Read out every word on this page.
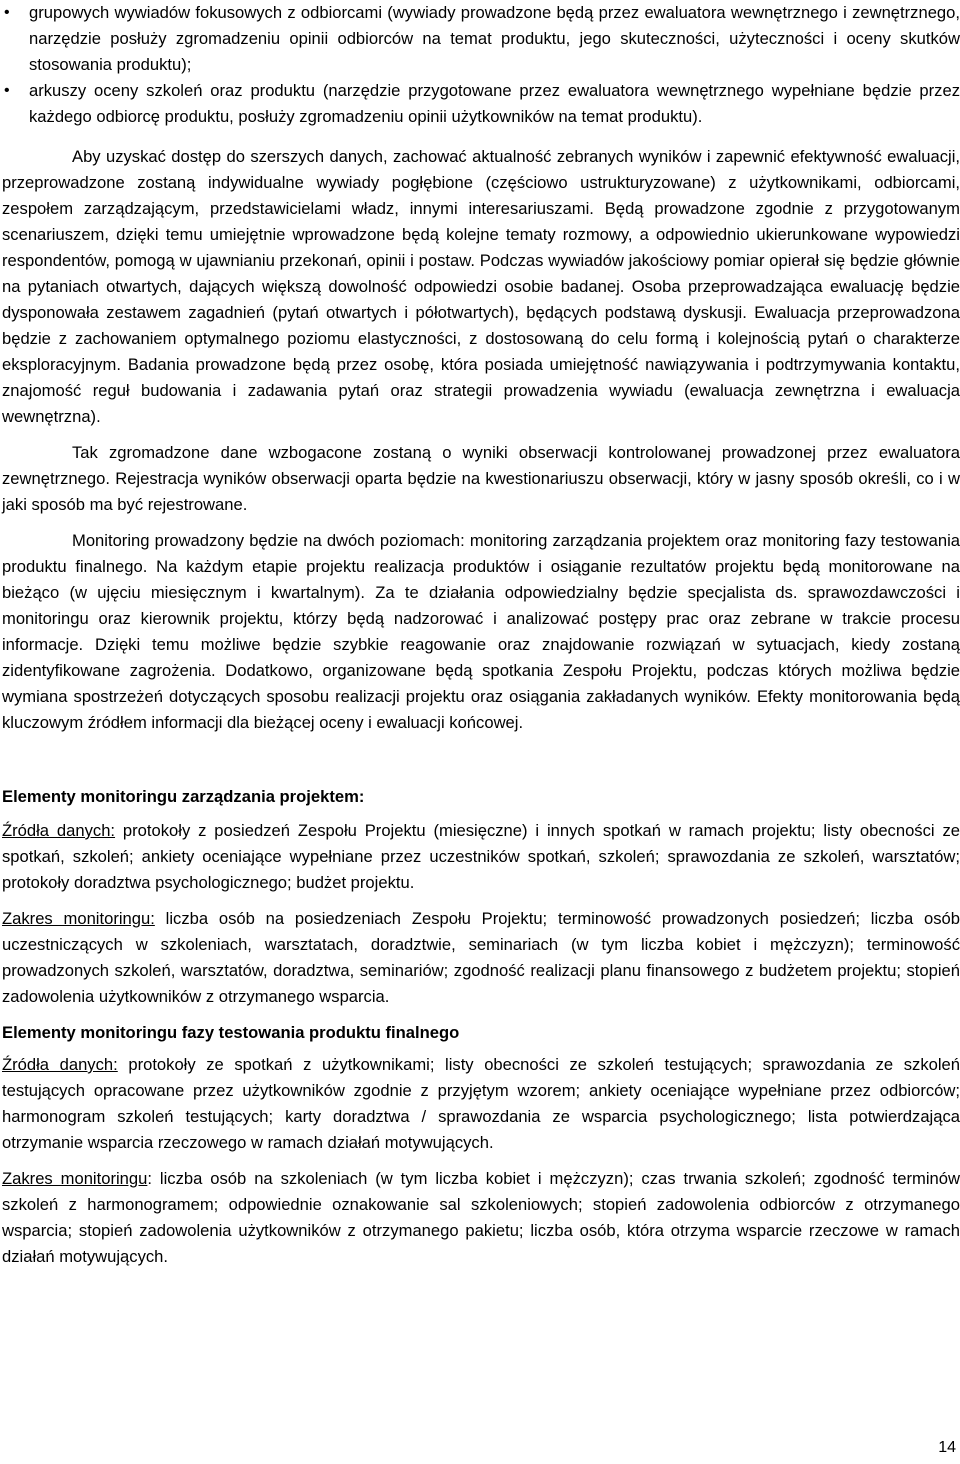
• grupowych wywiadów fokusowych z odbiorcami (wywiady prowadzone będą przez ewaluatora wewnętrznego i zewnętrznego, narzędzie posłuży zgromadzeniu opinii odbiorców na temat produktu, jego skuteczności, użyteczności i oceny skutków stosowania produktu);
• arkuszy oceny szkoleń oraz produktu (narzędzie przygotowane przez ewaluatora wewnętrznego wypełniane będzie przez każdego odbiorcę produktu, posłuży zgromadzeniu opinii użytkowników na temat produktu).

Aby uzyskać dostęp do szerszych danych, zachować aktualność zebranych wyników i zapewnić efektywność ewaluacji, przeprowadzone zostaną indywidualne wywiady pogłębione (częściowo ustrukturyzowane) z użytkownikami, odbiorcami, zespołem zarządzającym, przedstawicielami władz, innymi interesariuszami. Będą prowadzone zgodnie z przygotowanym scenariuszem, dzięki temu umiejętnie wprowadzone będą kolejne tematy rozmowy, a odpowiednio ukierunkowane wypowiedzi respondentów, pomogą w ujawnianiu przekonań, opinii i postaw. Podczas wywiadów jakościowy pomiar opierał się będzie głównie na pytaniach otwartych, dających większą dowolność odpowiedzi osobie badanej. Osoba przeprowadzająca ewaluację będzie dysponowała zestawem zagadnień (pytań otwartych i półotwartych), będących podstawą dyskusji. Ewaluacja przeprowadzona będzie z zachowaniem optymalnego poziomu elastyczności, z dostosowaną do celu formą i kolejnością pytań o charakterze eksploracyjnym. Badania prowadzone będą przez osobę, która posiada umiejętność nawiązywania i podtrzymywania kontaktu, znajomość reguł budowania i zadawania pytań oraz strategii prowadzenia wywiadu (ewaluacja zewnętrzna i ewaluacja wewnętrzna).

Tak zgromadzone dane wzbogacone zostaną o wyniki obserwacji kontrolowanej prowadzonej przez ewaluatora zewnętrznego. Rejestracja wyników obserwacji oparta będzie na kwestionariuszu obserwacji, który w jasny sposób określi, co i w jaki sposób ma być rejestrowane.

Monitoring prowadzony będzie na dwóch poziomach: monitoring zarządzania projektem oraz monitoring fazy testowania produktu finalnego. Na każdym etapie projektu realizacja produktów i osiąganie rezultatów projektu będą monitorowane na bieżąco (w ujęciu miesięcznym i kwartalnym). Za te działania odpowiedzialny będzie specjalista ds. sprawozdawczości i monitoringu oraz kierownik projektu, którzy będą nadzorować i analizować postępy prac oraz zebrane w trakcie procesu informacje. Dzięki temu możliwe będzie szybkie reagowanie oraz znajdowanie rozwiązań w sytuacjach, kiedy zostaną zidentyfikowane zagrożenia. Dodatkowo, organizowane będą spotkania Zespołu Projektu, podczas których możliwa będzie wymiana spostrzeżeń dotyczących sposobu realizacji projektu oraz osiągania zakładanych wyników. Efekty monitorowania będą kluczowym źródłem informacji dla bieżącej oceny i ewaluacji końcowej.

Elementy monitoringu zarządzania projektem:

Źródła danych: protokoły z posiedzeń Zespołu Projektu (miesięczne) i innych spotkań w ramach projektu; listy obecności ze spotkań, szkoleń; ankiety oceniające wypełniane przez uczestników spotkań, szkoleń; sprawozdania ze szkoleń, warsztatów; protokoły doradztwa psychologicznego; budżet projektu.

Zakres monitoringu: liczba osób na posiedzeniach Zespołu Projektu; terminowość prowadzonych posiedzeń; liczba osób uczestniczących w szkoleniach, warsztatach, doradztwie, seminariach (w tym liczba kobiet i mężczyzn); terminowość prowadzonych szkoleń, warsztatów, doradztwa, seminariów; zgodność realizacji planu finansowego z budżetem projektu; stopień zadowolenia użytkowników z otrzymanego wsparcia.

Elementy monitoringu fazy testowania produktu finalnego

Źródła danych: protokoły ze spotkań z użytkownikami; listy obecności ze szkoleń testujących; sprawozdania ze szkoleń testujących opracowane przez użytkowników zgodnie z przyjętym wzorem; ankiety oceniające wypełniane przez odbiorców; harmonogram szkoleń testujących; karty doradztwa / sprawozdania ze wsparcia psychologicznego; lista potwierdzająca otrzymanie wsparcia rzeczowego w ramach działań motywujących.

Zakres monitoringu: liczba osób na szkoleniach (w tym liczba kobiet i mężczyzn); czas trwania szkoleń; zgodność terminów szkoleń z harmonogramem; odpowiednie oznakowanie sal szkoleniowych; stopień zadowolenia odbiorców z otrzymanego wsparcia; stopień zadowolenia użytkowników z otrzymanego pakietu; liczba osób, która otrzyma wsparcie rzeczowe w ramach działań motywujących.

14
